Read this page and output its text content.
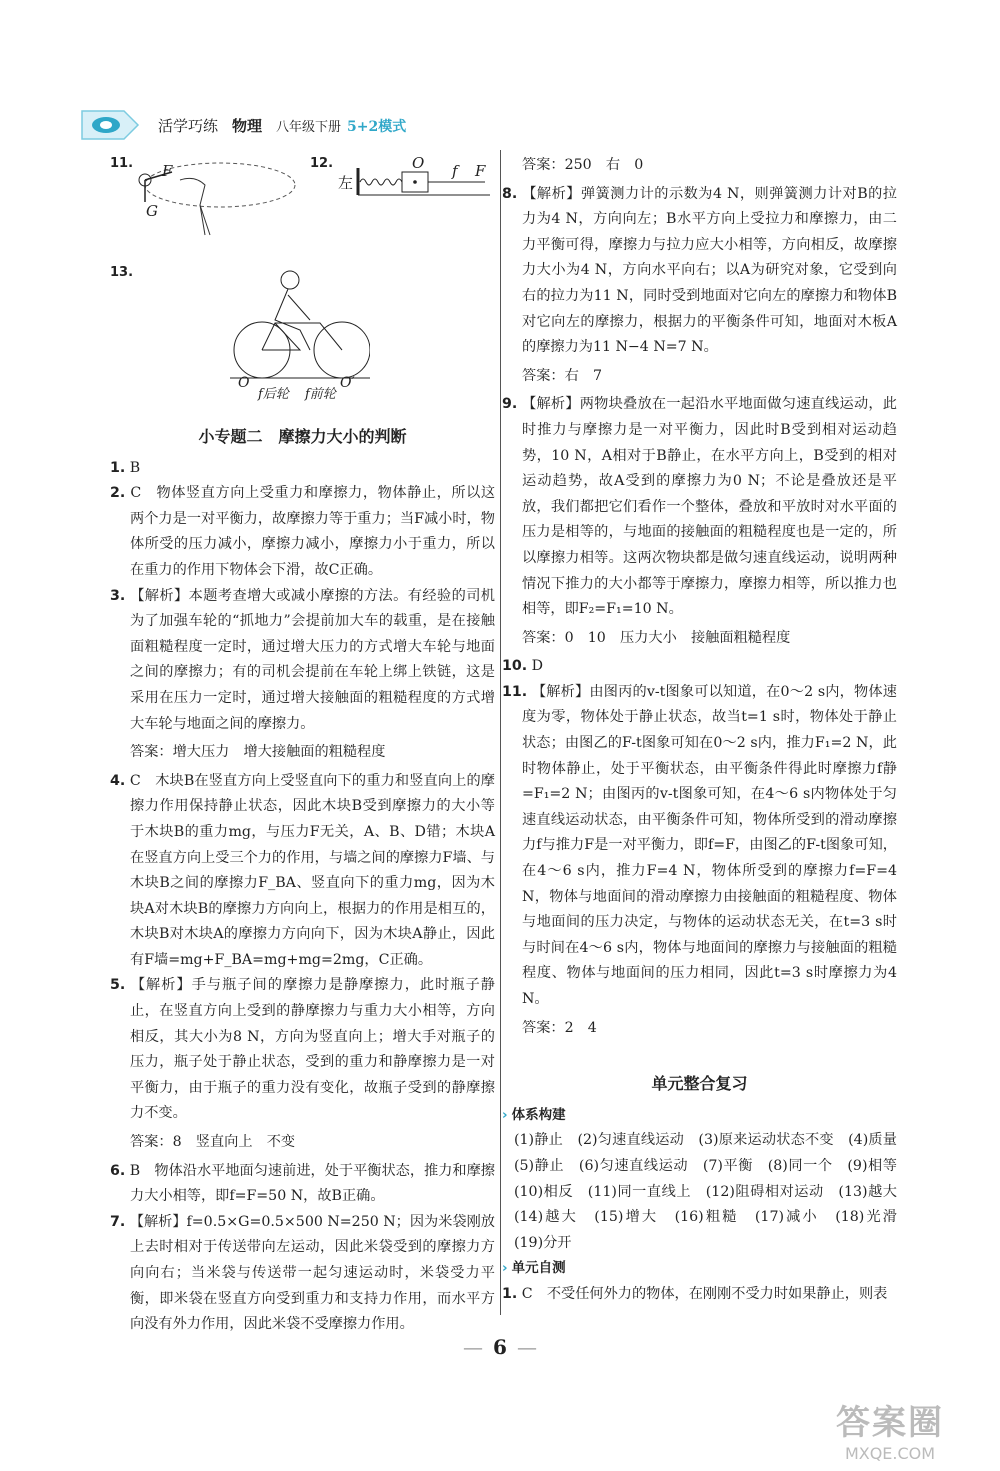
活学巧练 物理 八年级下册 5+2模式
11. F
G
12.
左
O f F
13.
O
f后轮 f前轮
O′
小专题二　摩擦力大小的判断

1. B

2. C　物体竖直方向上受重力和摩擦力，物体静止，所以这两个力是一对平衡力，故摩擦力等于重力；当F减小时，物体所受的压力减小，摩擦力减小，摩擦力小于重力，所以在重力的作用下物体会下滑，故C正确。

3. 【解析】本题考查增大或减小摩擦的方法。有经验的司机为了加强车轮的“抓地力”会提前加大车的载重，是在接触面粗糙程度一定时，通过增大压力的方式增大车轮与地面之间的摩擦力；有的司机会提前在车轮上绑上铁链，这是采用在压力一定时，通过增大接触面的粗糙程度的方式增大车轮与地面之间的摩擦力。

答案：增大压力　增大接触面的粗糙程度

4. C　木块B在竖直方向上受竖直向下的重力和竖直向上的摩擦力作用保持静止状态，因此木块B受到摩擦力的大小等于木块B的重力mg，与压力F无关，A、B、D错；木块A在竖直方向上受三个力的作用，与墙之间的摩擦力F墙、与木块B之间的摩擦力F_BA、竖直向下的重力mg，因为木块A对木块B的摩擦力方向向上，根据力的作用是相互的，木块B对木块A的摩擦力方向向下，因为木块A静止，因此有F墙=mg+F_BA=mg+mg=2mg，C正确。

5. 【解析】手与瓶子间的摩擦力是静摩擦力，此时瓶子静止，在竖直方向上受到的静摩擦力与重力大小相等，方向相反，其大小为8 N，方向为竖直向上；增大手对瓶子的压力，瓶子处于静止状态，受到的重力和静摩擦力是一对平衡力，由于瓶子的重力没有变化，故瓶子受到的静摩擦力不变。

答案：8　竖直向上　不变

6. B　物体沿水平地面匀速前进，处于平衡状态，推力和摩擦力大小相等，即f=F=50 N，故B正确。

7. 【解析】f=0.5×G=0.5×500 N=250 N；因为米袋刚放上去时相对于传送带向左运动，因此米袋受到的摩擦力方向向右；当米袋与传送带一起匀速运动时，米袋受力平衡，即米袋在竖直方向受到重力和支持力作用，而水平方向没有外力作用，因此米袋不受摩擦力作用。

答案：250　右　0

8. 【解析】弹簧测力计的示数为4 N，则弹簧测力计对B的拉力为4 N，方向向左；B水平方向上受拉力和摩擦力，由二力平衡可得，摩擦力与拉力应大小相等，方向相反，故摩擦力大小为4 N，方向水平向右；以A为研究对象，它受到向右的拉力为11 N，同时受到地面对它向左的摩擦力和物体B对它向左的摩擦力，根据力的平衡条件可知，地面对木板A的摩擦力为11 N−4 N=7 N。

答案：右　7

9. 【解析】两物块叠放在一起沿水平地面做匀速直线运动，此时推力与摩擦力是一对平衡力，因此时B受到相对运动趋势，10 N，A相对于B静止，在水平方向上，B受到的相对运动趋势，故A受到的摩擦力为0 N；不论是叠放还是平放，我们都把它们看作一个整体，叠放和平放时对水平面的压力是相等的，与地面的接触面的粗糙程度也是一定的，所以摩擦力相等。这两次物块都是做匀速直线运动，说明两种情况下推力的大小都等于摩擦力，摩擦力相等，所以推力也相等，即F₂=F₁=10 N。

答案：0　10　压力大小　接触面粗糙程度

10. D

11. 【解析】由图丙的v-t图象可以知道，在0～2 s内，物体速度为零，物体处于静止状态，故当t=1 s时，物体处于静止状态；由图乙的F-t图象可知在0～2 s内，推力F₁=2 N，此时物体静止，处于平衡状态，由平衡条件得此时摩擦力f静=F₁=2 N；由图丙的v-t图象可知，在4～6 s内物体处于匀速直线运动状态，由平衡条件可知，物体所受到的滑动摩擦力f与推力F是一对平衡力，即f=F，由图乙的F-t图象可知，在4～6 s内，推力F=4 N，物体所受到的摩擦力f=F=4 N，物体与地面间的滑动摩擦力由接触面的粗糙程度、物体与地面间的压力决定，与物体的运动状态无关，在t=3 s时与时间在4～6 s内，物体与地面间的摩擦力与接触面的粗糙程度、物体与地面间的压力相同，因此t=3 s时摩擦力为4 N。

答案：2　4

单元整合复习
› 体系构建

(1)静止　(2)匀速直线运动　(3)原来运动状态不变　(4)质量　(5)静止　(6)匀速直线运动　(7)平衡　(8)同一个　(9)相等　(10)相反　(11)同一直线上　(12)阻碍相对运动　(13)越大　(14)越大　(15)增大　(16)粗糙　(17)减小　(18)光滑　(19)分开

› 单元自测

1. C　不受任何外力的物体，在刚刚不受力时如果静止，则表

— 6 —
答案圈
MXQE.COM
